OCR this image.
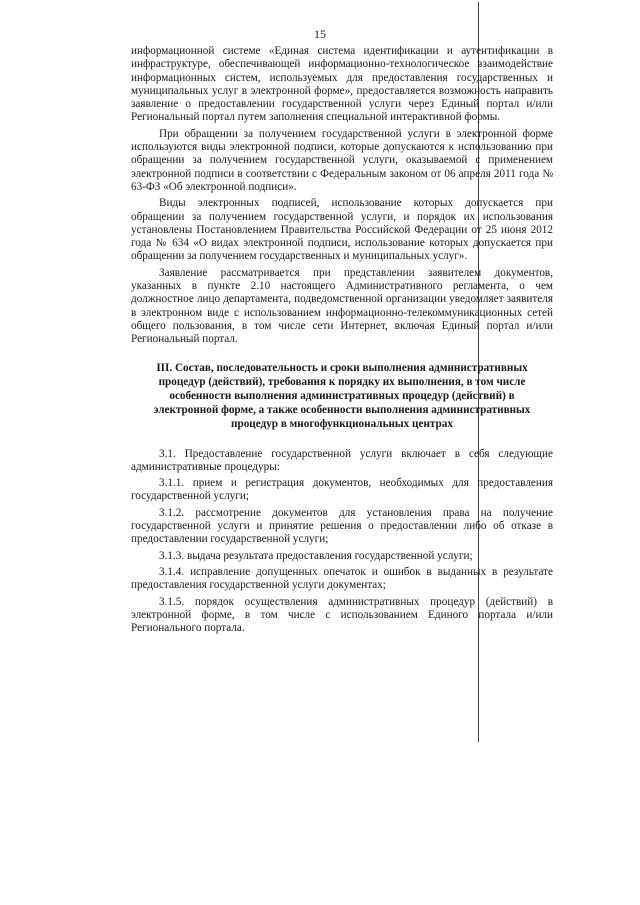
15

информационной системе «Единая система идентификации и аутентификации в инфраструктуре, обеспечивающей информационно-технологическое взаимодействие информационных систем, используемых для предоставления государственных и муниципальных услуг в электронной форме», предоставляется возможность направить заявление о предоставлении государственной услуги через Единый портал и/или Региональный портал путем заполнения специальной интерактивной формы.

При обращении за получением государственной услуги в электронной форме используются виды электронной подписи, которые допускаются к использованию при обращении за получением государственной услуги, оказываемой с применением электронной подписи в соответствии с Федеральным законом от 06 апреля 2011 года № 63-ФЗ «Об электронной подписи».

Виды электронных подписей, использование которых допускается при обращении за получением государственной услуги, и порядок их использования установлены Постановлением Правительства Российской Федерации от 25 июня 2012 года № 634 «О видах электронной подписи, использование которых допускается при обращении за получением государственных и муниципальных услуг».

Заявление рассматривается при представлении заявителем документов, указанных в пункте 2.10 настоящего Административного регламента, о чем должностное лицо департамента, подведомственной организации уведомляет заявителя в электронном виде с использованием информационно-телекоммуникационных сетей общего пользования, в том числе сети Интернет, включая Единый портал и/или Региональный портал.

III. Состав, последовательность и сроки выполнения административных процедур (действий), требования к порядку их выполнения, в том числе особенности выполнения административных процедур (действий) в электронной форме, а также особенности выполнения административных процедур в многофункциональных центрах

3.1. Предоставление государственной услуги включает в себя следующие административные процедуры:

3.1.1. прием и регистрация документов, необходимых для предоставления государственной услуги;

3.1.2. рассмотрение документов для установления права на получение государственной услуги и принятие решения о предоставлении либо об отказе в предоставлении государственной услуги;

3.1.3. выдача результата предоставления государственной услуги;

3.1.4. исправление допущенных опечаток и ошибок в выданных в результате предоставления государственной услуги документах;

3.1.5. порядок осуществления административных процедур (действий) в электронной форме, в том числе с использованием Единого портала и/или Регионального портала.
